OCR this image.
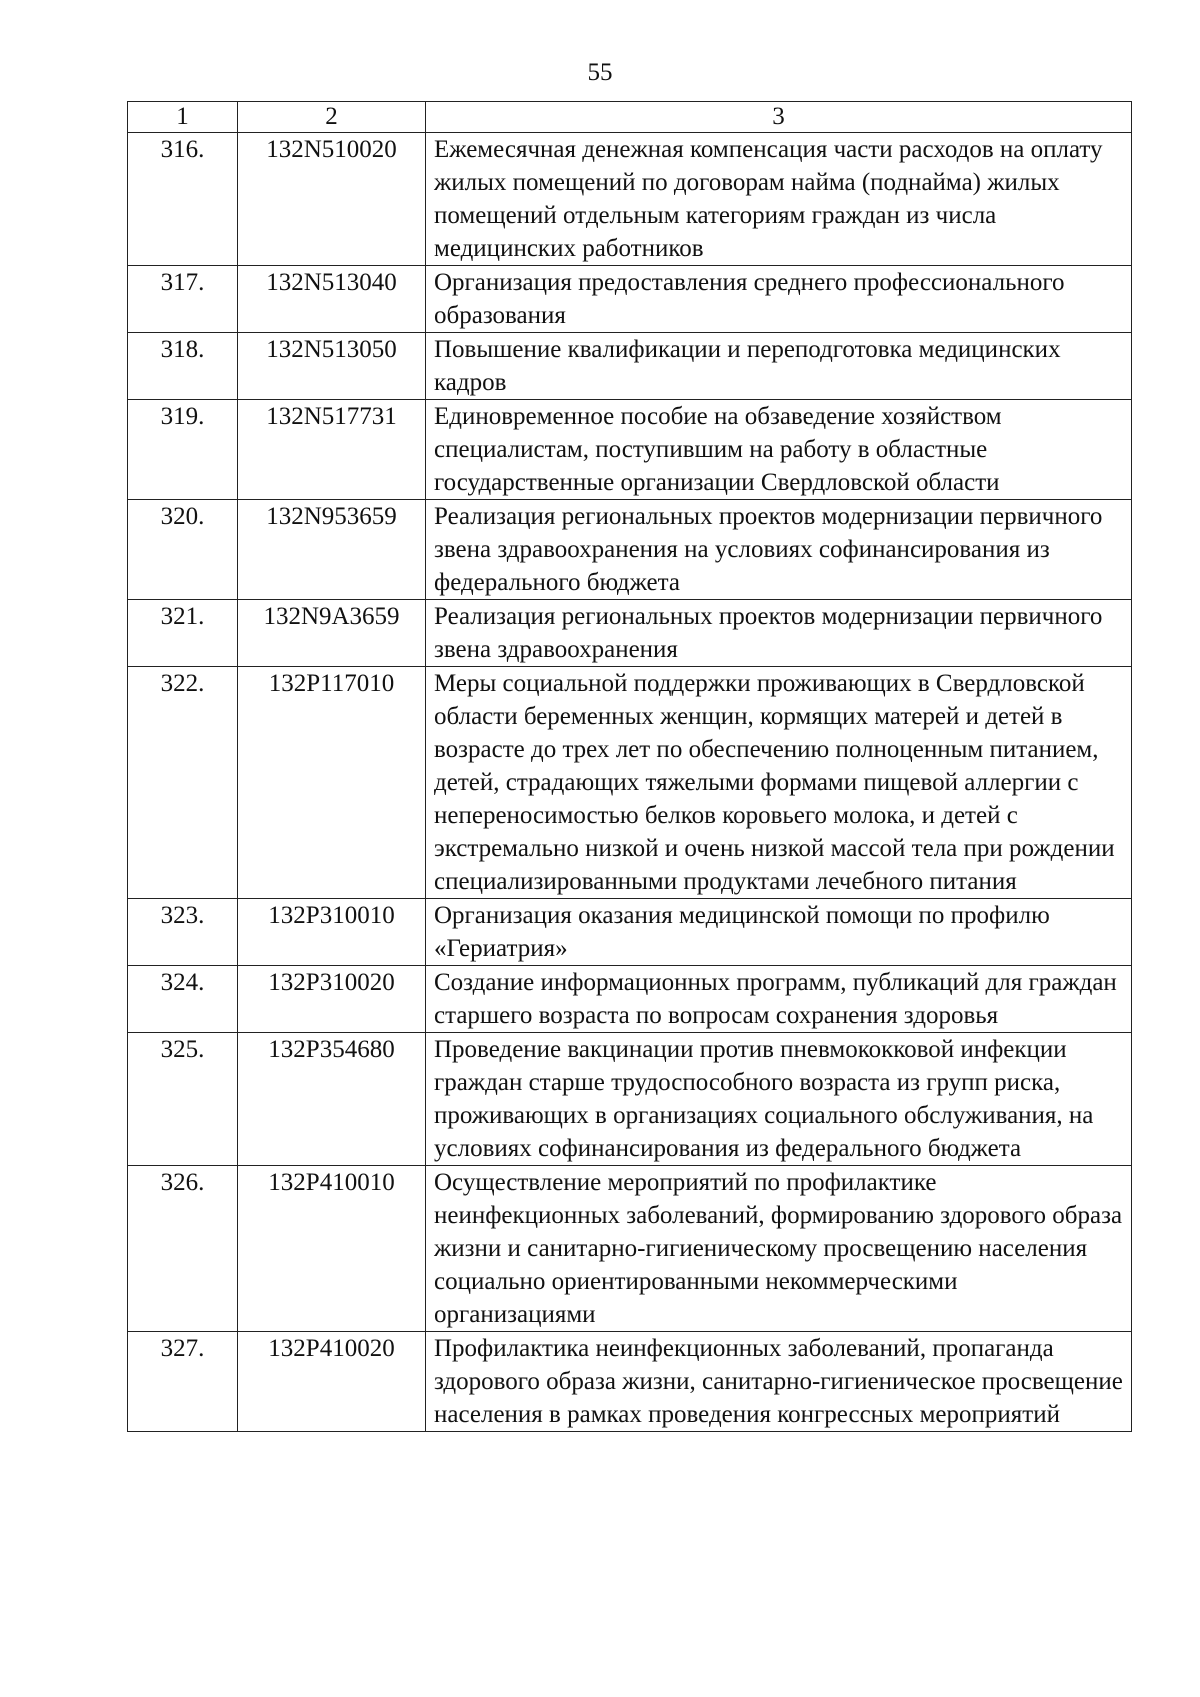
55
1	2	3
316.	132N510020	Ежемесячная денежная компенсация части расходов на оплату жилых помещений по договорам найма (поднайма) жилых помещений отдельным категориям граждан из числа медицинских работников
317.	132N513040	Организация предоставления среднего профессионального образования
318.	132N513050	Повышение квалификации и переподготовка медицинских кадров
319.	132N517731	Единовременное пособие на обзаведение хозяйством специалистам, поступившим на работу в областные государственные организации Свердловской области
320.	132N953659	Реализация региональных проектов модернизации первичного звена здравоохранения на условиях софинансирования из федерального бюджета
321.	132N9A3659	Реализация региональных проектов модернизации первичного звена здравоохранения
322.	132P117010	Меры социальной поддержки проживающих в Свердловской области беременных женщин, кормящих матерей и детей в возрасте до трех лет по обеспечению полноценным питанием, детей, страдающих тяжелыми формами пищевой аллергии с непереносимостью белков коровьего молока, и детей с экстремально низкой и очень низкой массой тела при рождении специализированными продуктами лечебного питания
323.	132P310010	Организация оказания медицинской помощи по профилю «Гериатрия»
324.	132P310020	Создание информационных программ, публикаций для граждан старшего возраста по вопросам сохранения здоровья
325.	132P354680	Проведение вакцинации против пневмококковой инфекции граждан старше трудоспособного возраста из групп риска, проживающих в организациях социального обслуживания, на условиях софинансирования из федерального бюджета
326.	132P410010	Осуществление мероприятий по профилактике неинфекционных заболеваний, формированию здорового образа жизни и санитарно-гигиеническому просвещению населения социально ориентированными некоммерческими организациями
327.	132P410020	Профилактика неинфекционных заболеваний, пропаганда здорового образа жизни, санитарно-гигиеническое просвещение населения в рамках проведения конгрессных мероприятий
